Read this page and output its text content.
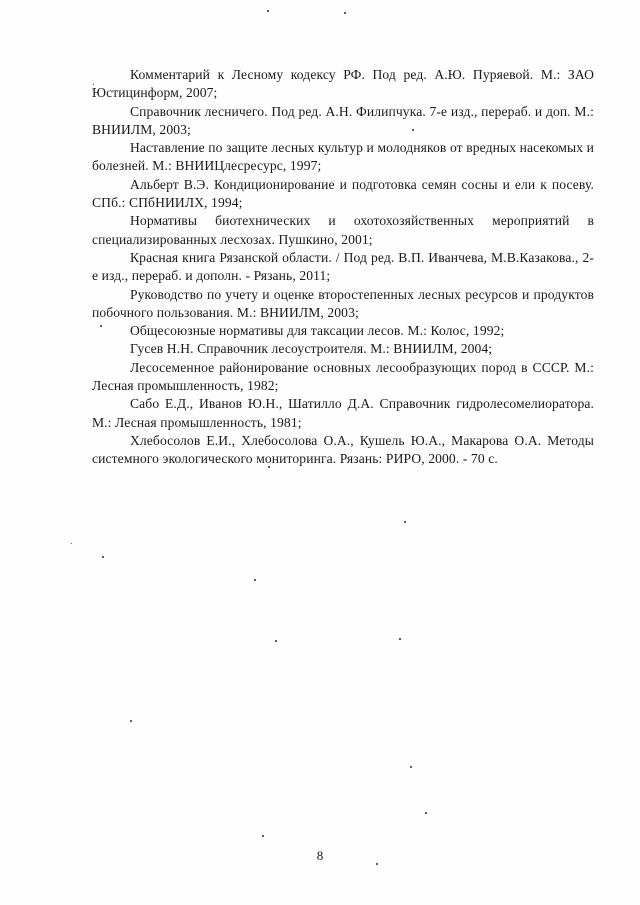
Комментарий к Лесному кодексу РФ. Под ред. А.Ю. Пуряевой. М.: ЗАО Юстицинформ, 2007;

Справочник лесничего. Под ред. А.Н. Филипчука. 7-е изд., перераб. и доп. М.: ВНИИЛМ, 2003;

Наставление по защите лесных культур и молодняков от вредных насекомых и болезней. М.: ВНИИЦлесресурс, 1997;

Альберт В.Э. Кондиционирование и подготовка семян сосны и ели к посеву. СПб.: СПбНИИЛХ, 1994;

Нормативы биотехнических и охотохозяйственных мероприятий в специализированных лесхозах. Пушкино, 2001;

Красная книга Рязанской области. / Под ред. В.П. Иванчева, М.В.Казакова., 2-е изд., перераб. и дополн. - Рязань, 2011;

Руководство по учету и оценке второстепенных лесных ресурсов и продуктов побочного пользования. М.: ВНИИЛМ, 2003;

Общесоюзные нормативы для таксации лесов. М.: Колос, 1992;

Гусев Н.Н. Справочник лесоустроителя. М.: ВНИИЛМ, 2004;

Лесосеменное районирование основных лесообразующих пород в СССР. М.: Лесная промышленность, 1982;

Сабо Е.Д., Иванов Ю.Н., Шатилло Д.А. Справочник гидролесомелиоратора. М.: Лесная промышленность, 1981;

Хлебосолов Е.И., Хлебосолова О.А., Кушель Ю.А., Макарова О.А. Методы системного экологического мониторинга. Рязань: РИРО, 2000. - 70 с.

8
